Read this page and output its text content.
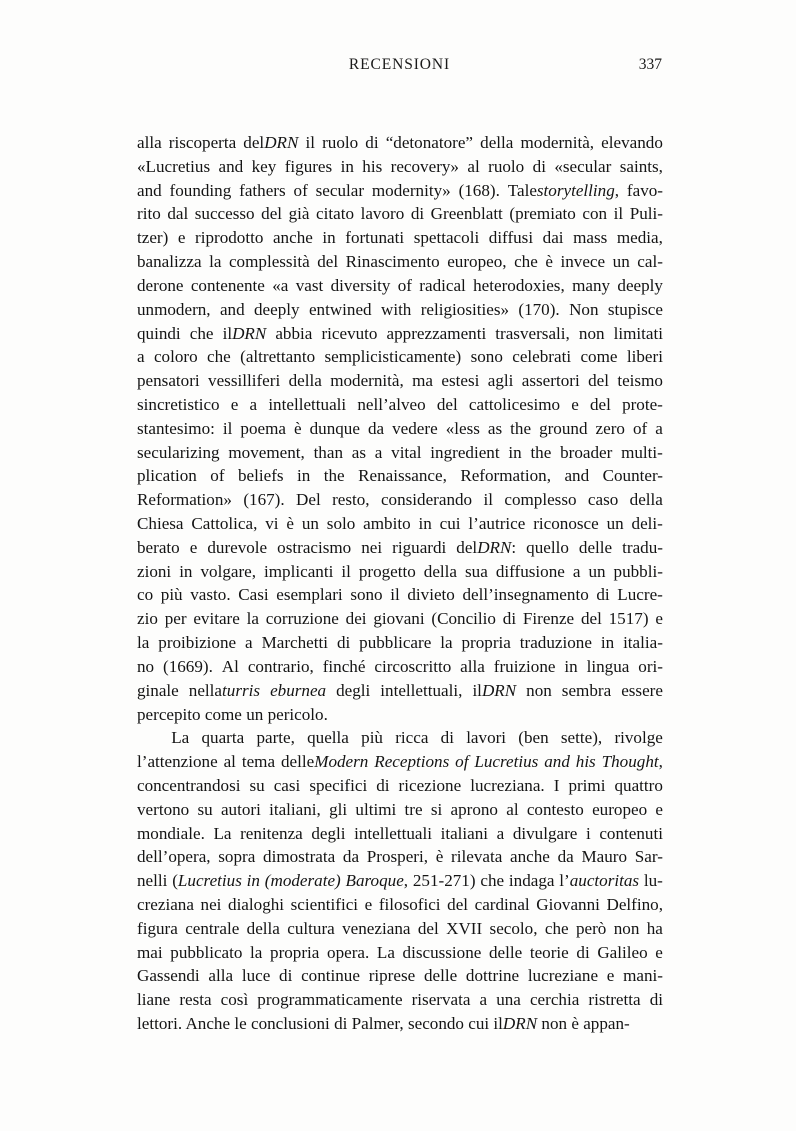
RECENSIONI	337
alla riscoperta delDRN il ruolo di “detonatore” della modernità, elevando
«Lucretius and key figures in his recovery» al ruolo di «secular saints,
and founding fathers of secular modernity» (168). Talestorytelling, favo-
rito dal successo del già citato lavoro di Greenblatt (premiato con il Puli-
tzer) e riprodotto anche in fortunati spettacoli diffusi dai mass media,
banalizza la complessità del Rinascimento europeo, che è invece un cal-
derone contenente «a vast diversity of radical heterodoxies, many deeply
unmodern, and deeply entwined with religiosities» (170). Non stupisce
quindi che ilDRN abbia ricevuto apprezzamenti trasversali, non limitati
a coloro che (altrettanto semplicisticamente) sono celebrati come liberi
pensatori vessilliferi della modernità, ma estesi agli assertori del teismo
sincretistico e a intellettuali nell’alveo del cattolicesimo e del prote-
stantesimo: il poema è dunque da vedere «less as the ground zero of a
secularizing movement, than as a vital ingredient in the broader multi-
plication of beliefs in the Renaissance, Reformation, and Counter-
Reformation» (167). Del resto, considerando il complesso caso della
Chiesa Cattolica, vi è un solo ambito in cui l’autrice riconosce un deli-
berato e durevole ostracismo nei riguardi delDRN: quello delle tradu-
zioni in volgare, implicanti il progetto della sua diffusione a un pubbli-
co più vasto. Casi esemplari sono il divieto dell’insegnamento di Lucre-
zio per evitare la corruzione dei giovani (Concilio di Firenze del 1517) e
la proibizione a Marchetti di pubblicare la propria traduzione in italia-
no (1669). Al contrario, finché circoscritto alla fruizione in lingua ori-
ginale nellaturris eburnea degli intellettuali, ilDRN non sembra essere
percepito come un pericolo.

La quarta parte, quella più ricca di lavori (ben sette), rivolge
l’attenzione al tema delleModern Receptions of Lucretius and his Thought,
concentrandosi su casi specifici di ricezione lucreziana. I primi quattro
vertono su autori italiani, gli ultimi tre si aprono al contesto europeo e
mondiale. La renitenza degli intellettuali italiani a divulgare i contenuti
dell’opera, sopra dimostrata da Prosperi, è rilevata anche da Mauro Sar-
nelli (Lucretius in (moderate) Baroque, 251-271) che indaga l’auctoritas lu-
creziana nei dialoghi scientifici e filosofici del cardinal Giovanni Delfino,
figura centrale della cultura veneziana del XVII secolo, che però non ha
mai pubblicato la propria opera. La discussione delle teorie di Galileo e
Gassendi alla luce di continue riprese delle dottrine lucreziane e mani-
liane resta così programmaticamente riservata a una cerchia ristretta di
lettori. Anche le conclusioni di Palmer, secondo cui ilDRN non è appan-
